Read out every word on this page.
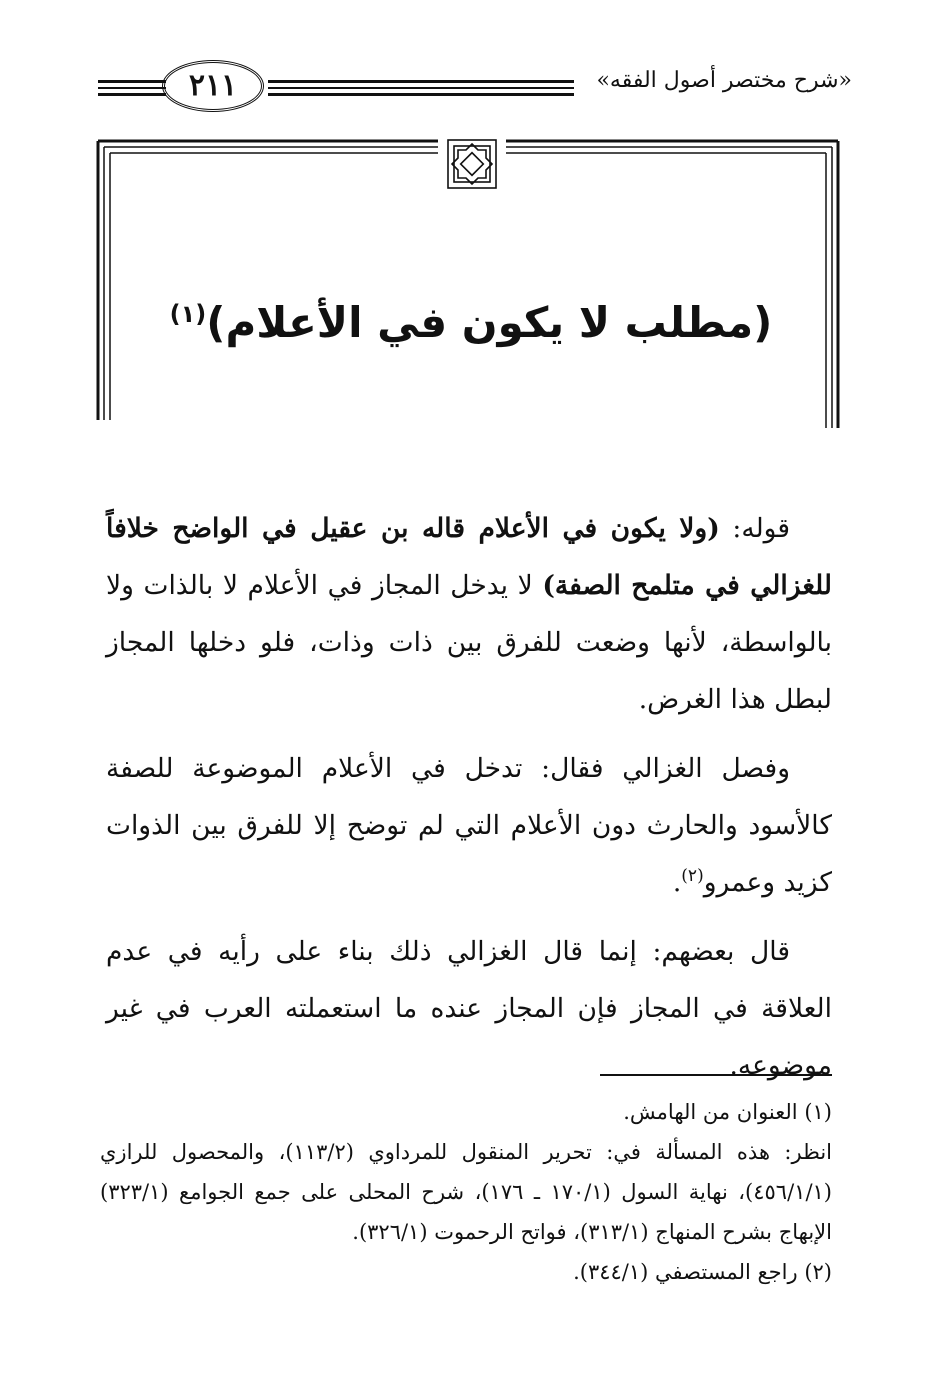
«شرح مختصر أصول الفقه»
٢١١
(مطلب لا يكون في الأعلام)$^{(١)}$

قوله: (ولا يكون في الأعلام قاله بن عقيل في الواضح خلافاً للغزالي في متلمح الصفة) لا يدخل المجاز في الأعلام لا بالذات ولا بالواسطة، لأنها وضعت للفرق بين ذات وذات، فلو دخلها المجاز لبطل هذا الغرض.

وفصل الغزالي فقال: تدخل في الأعلام الموضوعة للصفة كالأسود والحارث دون الأعلام التي لم توضح إلا للفرق بين الذوات كزيد وعمرو$^{(٢)}$.

قال بعضهم: إنما قال الغزالي ذلك بناء على رأيه في عدم العلاقة في المجاز فإن المجاز عنده ما استعملته العرب في غير موضوعه.

(١) العنوان من الهامش.

انظر: هذه المسألة في: تحرير المنقول للمرداوي (١١٣/٢)، والمحصول للرازي (٤٥٦/١/١)، نهاية السول (١٧٠/١ ـ ١٧٦)، شرح المحلى على جمع الجوامع (٣٢٣/١) الإبهاج بشرح المنهاج (٣١٣/١)، فواتح الرحموت (٣٢٦/١).

(٢) راجع المستصفي (٣٤٤/١).
